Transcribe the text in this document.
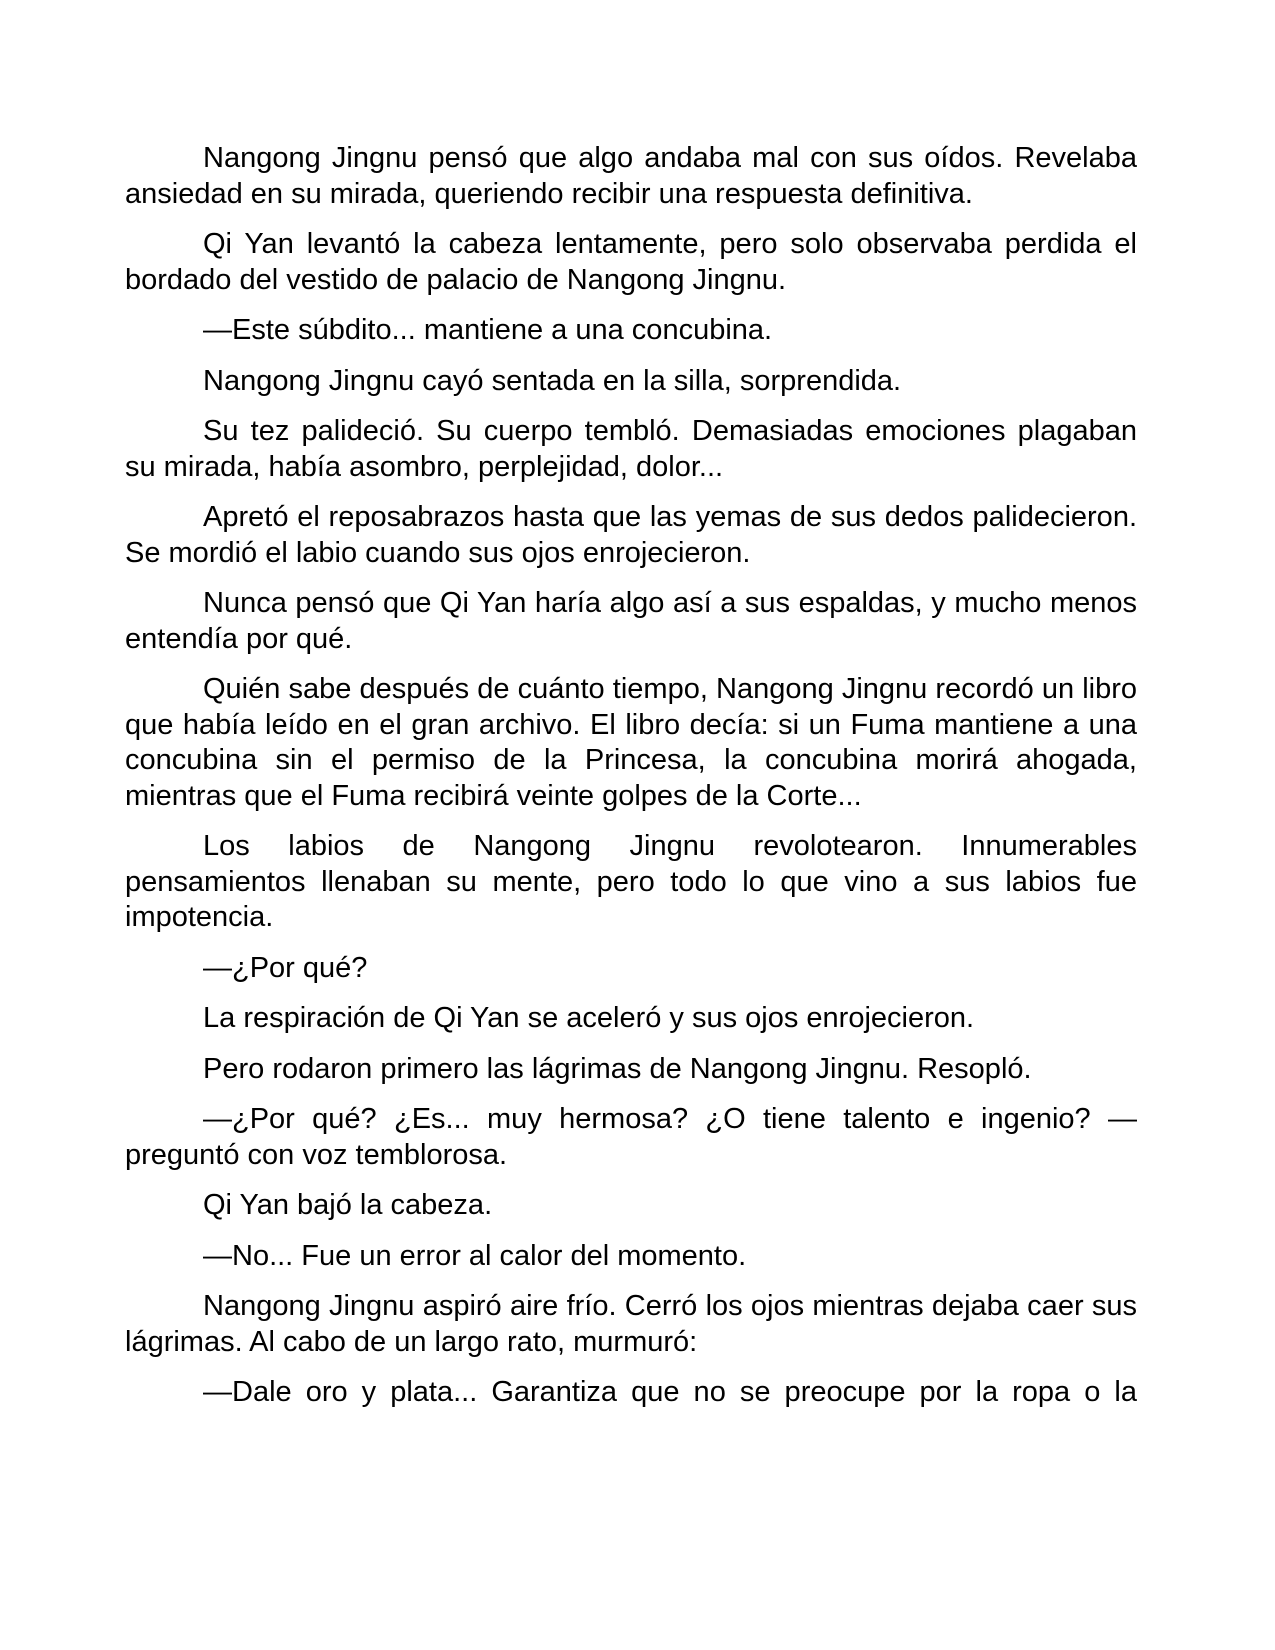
Nangong Jingnu pensó que algo andaba mal con sus oídos. Revelaba ansiedad en su mirada, queriendo recibir una respuesta definitiva.

Qi Yan levantó la cabeza lentamente, pero solo observaba perdida el bordado del vestido de palacio de Nangong Jingnu.

—Este súbdito... mantiene a una concubina.

Nangong Jingnu cayó sentada en la silla, sorprendida.

Su tez palideció. Su cuerpo tembló. Demasiadas emociones plagaban su mirada, había asombro, perplejidad, dolor...

Apretó el reposabrazos hasta que las yemas de sus dedos palidecieron. Se mordió el labio cuando sus ojos enrojecieron.

Nunca pensó que Qi Yan haría algo así a sus espaldas, y mucho menos entendía por qué.

Quién sabe después de cuánto tiempo, Nangong Jingnu recordó un libro que había leído en el gran archivo. El libro decía: si un Fuma mantiene a una concubina sin el permiso de la Princesa, la concubina morirá ahogada, mientras que el Fuma recibirá veinte golpes de la Corte...

Los labios de Nangong Jingnu revolotearon. Innumerables pensamientos llenaban su mente, pero todo lo que vino a sus labios fue impotencia.

—¿Por qué?

La respiración de Qi Yan se aceleró y sus ojos enrojecieron.

Pero rodaron primero las lágrimas de Nangong Jingnu. Resopló.

—¿Por qué? ¿Es... muy hermosa? ¿O tiene talento e ingenio? —preguntó con voz temblorosa.

Qi Yan bajó la cabeza.

—No... Fue un error al calor del momento.

Nangong Jingnu aspiró aire frío. Cerró los ojos mientras dejaba caer sus lágrimas. Al cabo de un largo rato, murmuró:

—Dale oro y plata... Garantiza que no se preocupe por la ropa o la
